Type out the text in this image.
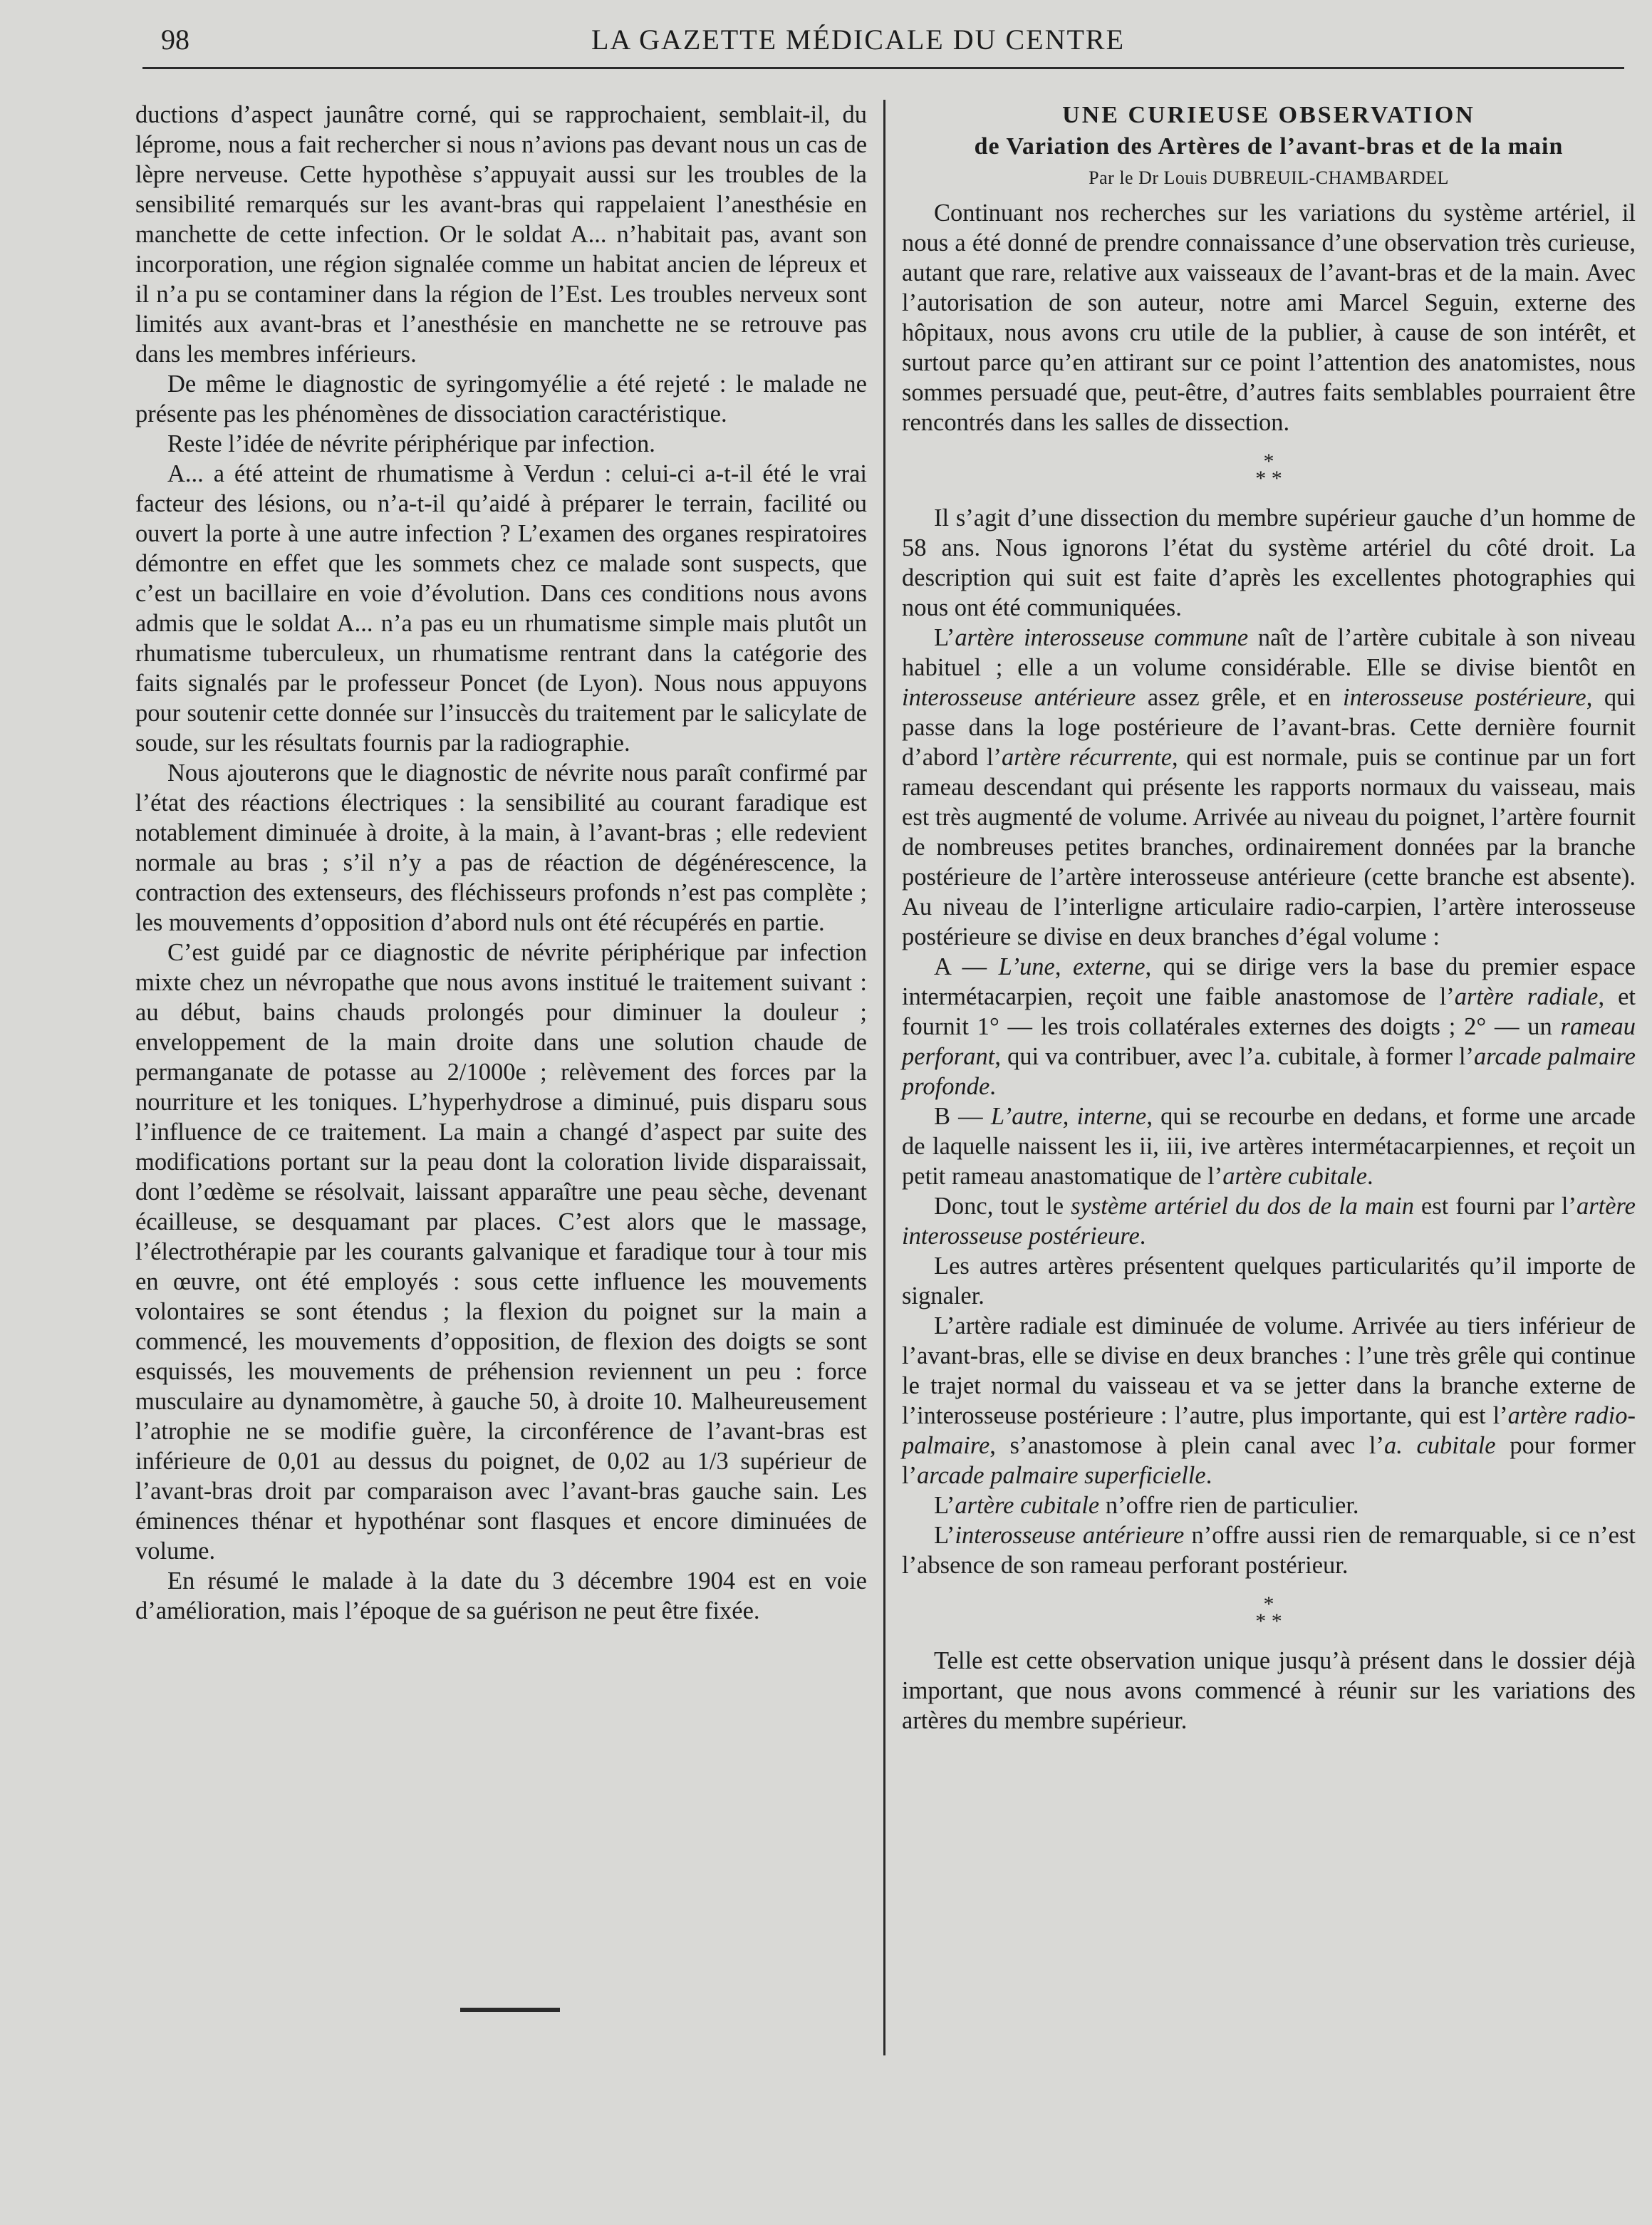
98	LA GAZETTE MÉDICALE DU CENTRE

ductions d’aspect jaunâtre corné, qui se rapprochaient, semblait-il, du léprome, nous a fait rechercher si nous n’avions pas devant nous un cas de lèpre nerveuse. Cette hypothèse s’appuyait aussi sur les troubles de la sensibilité remarqués sur les avant-bras qui rappelaient l’anesthésie en manchette de cette infection. Or le soldat A... n’habitait pas, avant son incorporation, une région signalée comme un habitat ancien de lépreux et il n’a pu se contaminer dans la région de l’Est. Les troubles nerveux sont limités aux avant-bras et l’anesthésie en manchette ne se retrouve pas dans les membres inférieurs.

De même le diagnostic de syringomyélie a été rejeté : le malade ne présente pas les phénomènes de dissociation caractéristique.

Reste l’idée de névrite périphérique par infection.

A... a été atteint de rhumatisme à Verdun : celui-ci a-t-il été le vrai facteur des lésions, ou n’a-t-il qu’aidé à préparer le terrain, facilité ou ouvert la porte à une autre infection ? L’examen des organes respiratoires démontre en effet que les sommets chez ce malade sont suspects, que c’est un bacillaire en voie d’évolution. Dans ces conditions nous avons admis que le soldat A... n’a pas eu un rhumatisme simple mais plutôt un rhumatisme tuberculeux, un rhumatisme rentrant dans la catégorie des faits signalés par le professeur Poncet (de Lyon). Nous nous appuyons pour soutenir cette donnée sur l’insuccès du traitement par le salicylate de soude, sur les résultats fournis par la radiographie.

Nous ajouterons que le diagnostic de névrite nous paraît confirmé par l’état des réactions électriques : la sensibilité au courant faradique est notablement diminuée à droite, à la main, à l’avant-bras ; elle redevient normale au bras ; s’il n’y a pas de réaction de dégénérescence, la contraction des extenseurs, des fléchisseurs profonds n’est pas complète ; les mouvements d’opposition d’abord nuls ont été récupérés en partie.

C’est guidé par ce diagnostic de névrite périphérique par infection mixte chez un névropathe que nous avons institué le traitement suivant : au début, bains chauds prolongés pour diminuer la douleur ; enveloppement de la main droite dans une solution chaude de permanganate de potasse au 2/1000e ; relèvement des forces par la nourriture et les toniques. L’hyperhydrose a diminué, puis disparu sous l’influence de ce traitement. La main a changé d’aspect par suite des modifications portant sur la peau dont la coloration livide disparaissait, dont l’œdème se résolvait, laissant apparaître une peau sèche, devenant écailleuse, se desquamant par places. C’est alors que le massage, l’électrothérapie par les courants galvanique et faradique tour à tour mis en œuvre, ont été employés : sous cette influence les mouvements volontaires se sont étendus ; la flexion du poignet sur la main a commencé, les mouvements d’opposition, de flexion des doigts se sont esquissés, les mouvements de préhension reviennent un peu : force musculaire au dynamomètre, à gauche 50, à droite 10. Malheureusement l’atrophie ne se modifie guère, la circonférence de l’avant-bras est inférieure de 0,01 au dessus du poignet, de 0,02 au 1/3 supérieur de l’avant-bras droit par comparaison avec l’avant-bras gauche sain. Les éminences thénar et hypothénar sont flasques et encore diminuées de volume.

En résumé le malade à la date du 3 décembre 1904 est en voie d’amélioration, mais l’époque de sa guérison ne peut être fixée.

UNE CURIEUSE OBSERVATION
de Variation des Artères de l’avant-bras et de la main
Par le Dr Louis DUBREUIL-CHAMBARDEL

Continuant nos recherches sur les variations du système artériel, il nous a été donné de prendre connaissance d’une observation très curieuse, autant que rare, relative aux vaisseaux de l’avant-bras et de la main. Avec l’autorisation de son auteur, notre ami Marcel Seguin, externe des hôpitaux, nous avons cru utile de la publier, à cause de son intérêt, et surtout parce qu’en attirant sur ce point l’attention des anatomistes, nous sommes persuadé que, peut-être, d’autres faits semblables pourraient être rencontrés dans les salles de dissection.

*
* *

Il s’agit d’une dissection du membre supérieur gauche d’un homme de 58 ans. Nous ignorons l’état du système artériel du côté droit. La description qui suit est faite d’après les excellentes photographies qui nous ont été communiquées.

L’artère interosseuse commune naît de l’artère cubitale à son niveau habituel ; elle a un volume considérable. Elle se divise bientôt en interosseuse antérieure assez grêle, et en interosseuse postérieure, qui passe dans la loge postérieure de l’avant-bras. Cette dernière fournit d’abord l’artère récurrente, qui est normale, puis se continue par un fort rameau descendant qui présente les rapports normaux du vaisseau, mais est très augmenté de volume. Arrivée au niveau du poignet, l’artère fournit de nombreuses petites branches, ordinairement données par la branche postérieure de l’artère interosseuse antérieure (cette branche est absente). Au niveau de l’interligne articulaire radio-carpien, l’artère interosseuse postérieure se divise en deux branches d’égal volume :

A — L’une, externe, qui se dirige vers la base du premier espace intermétacarpien, reçoit une faible anastomose de l’artère radiale, et fournit 1° — les trois collatérales externes des doigts ; 2° — un rameau perforant, qui va contribuer, avec l’a. cubitale, à former l’arcade palmaire profonde.

B — L’autre, interne, qui se recourbe en dedans, et forme une arcade de laquelle naissent les ii, iii, ive artères intermétacarpiennes, et reçoit un petit rameau anastomatique de l’artère cubitale.

Donc, tout le système artériel du dos de la main est fourni par l’artère interosseuse postérieure.

Les autres artères présentent quelques particularités qu’il importe de signaler.

L’artère radiale est diminuée de volume. Arrivée au tiers inférieur de l’avant-bras, elle se divise en deux branches : l’une très grêle qui continue le trajet normal du vaisseau et va se jetter dans la branche externe de l’interosseuse postérieure : l’autre, plus importante, qui est l’artère radio-palmaire, s’anastomose à plein canal avec l’a. cubitale pour former l’arcade palmaire superficielle.

L’artère cubitale n’offre rien de particulier.

L’interosseuse antérieure n’offre aussi rien de remarquable, si ce n’est l’absence de son rameau perforant postérieur.

*
* *

Telle est cette observation unique jusqu’à présent dans le dossier déjà important, que nous avons commencé à réunir sur les variations des artères du membre supérieur.
